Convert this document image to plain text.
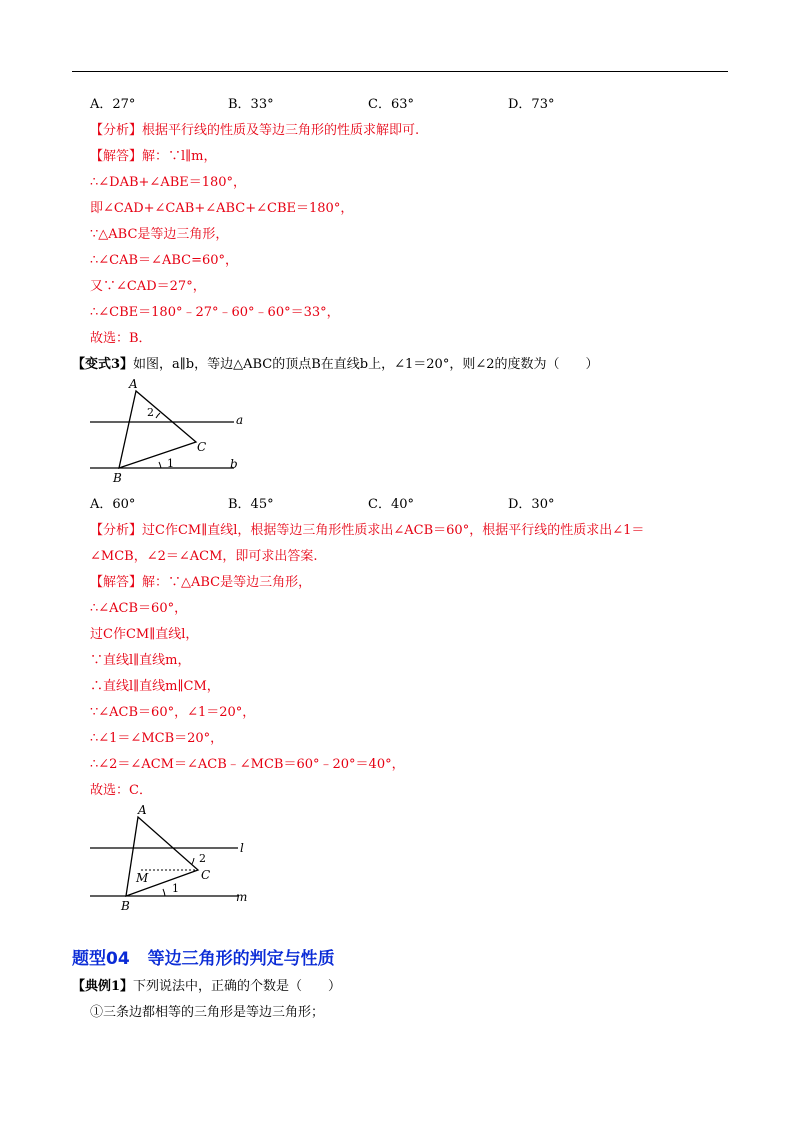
A．27°	B．33°	C．63°	D．73°
【分析】根据平行线的性质及等边三角形的性质求解即可.
【解答】解：∵l∥m，
∴∠DAB+∠ABE＝180°，
即∠CAD+∠CAB+∠ABC+∠CBE＝180°，
∵△ABC是等边三角形，
∴∠CAB＝∠ABC=60°，
又∵∠CAD＝27°，
∴∠CBE＝180°﹣27°﹣60°﹣60°＝33°，
故选：B．
【变式3】如图，a∥b，等边△ABC的顶点B在直线b上，∠1＝20°，则∠2的度数为（　　）
A
B
C
a
b
1
2
A．60°	B．45°	C．40°	D．30°
【分析】过C作CM∥直线l，根据等边三角形性质求出∠ACB＝60°，根据平行线的性质求出∠1＝
∠MCB，∠2＝∠ACM，即可求出答案.
【解答】解：∵△ABC是等边三角形，
∴∠ACB＝60°，
过C作CM∥直线l，
∵直线l∥直线m，
∴直线l∥直线m∥CM，
∵∠ACB＝60°，∠1＝20°，
∴∠1＝∠MCB＝20°，
∴∠2＝∠ACM＝∠ACB﹣∠MCB＝60°﹣20°＝40°，
故选：C．
A
B
C
M
l
m
1
2
题型04 等边三角形的判定与性质
【典例1】下列说法中，正确的个数是（　　）
①三条边都相等的三角形是等边三角形；
